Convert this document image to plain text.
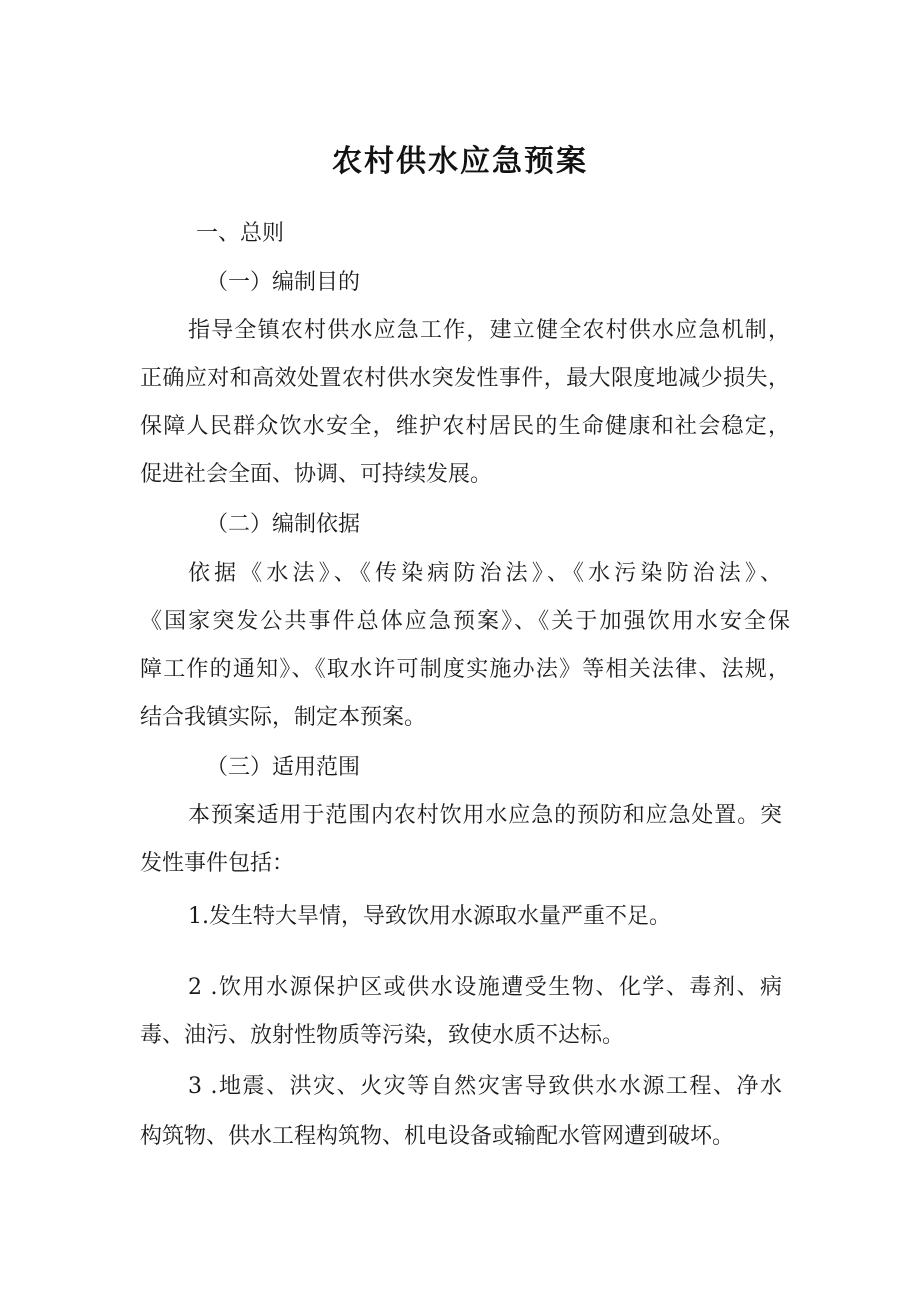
农村供水应急预案
一、总则
（一）编制目的
指导全镇农村供水应急工作，建立健全农村供水应急机制，
正确应对和高效处置农村供水突发性事件，最大限度地减少损失，
保障人民群众饮水安全，维护农村居民的生命健康和社会稳定，
促进社会全面、协调、可持续发展。
（二）编制依据
依据《水法》、《传染病防治法》、《水污染防治法》、
《国家突发公共事件总体应急预案》、《关于加强饮用水安全保
障工作的通知》、《取水许可制度实施办法》等相关法律、法规，
结合我镇实际，制定本预案。
（三）适用范围
本预案适用于范围内农村饮用水应急的预防和应急处置。突
发性事件包括：
1.发生特大旱情，导致饮用水源取水量严重不足。
2 .饮用水源保护区或供水设施遭受生物、化学、毒剂、病
毒、油污、放射性物质等污染，致使水质不达标。
3 .地震、洪灾、火灾等自然灾害导致供水水源工程、净水
构筑物、供水工程构筑物、机电设备或输配水管网遭到破坏。
